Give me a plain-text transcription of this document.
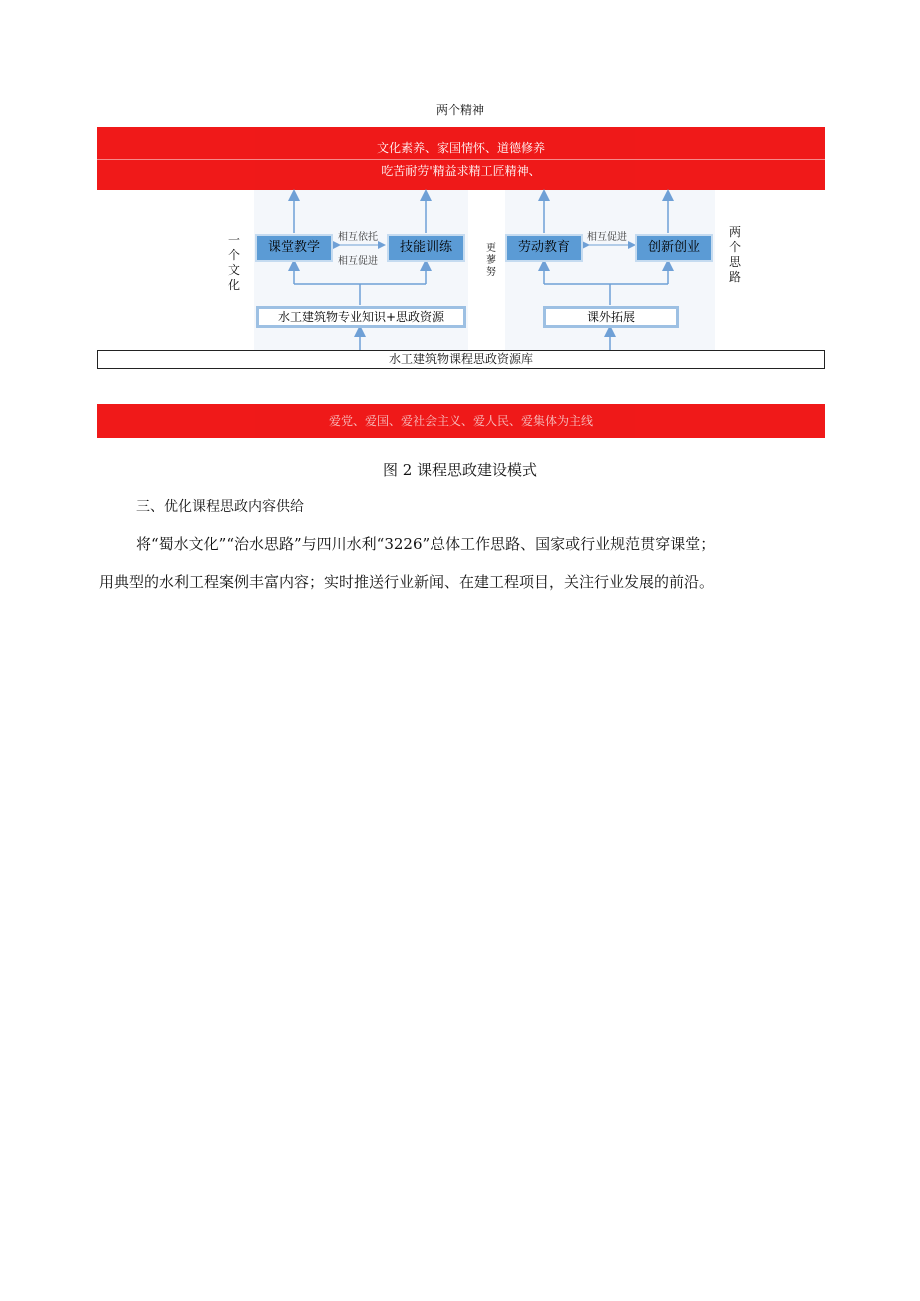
两个精神
文化素养、家国情怀、道德修养
吃苦耐劳'精益求精工匠精神、
一个文化
更蓼努
两个思路
课堂教学	技能训练	劳动教育	创新创业
相互依托
相互促进
相互促进
水工建筑物专业知识+思政资源	课外拓展
水工建筑物课程思政资源库
爱党、爱国、爱社会主义、爱人民、爱集体为主线
图 2 课程思政建设模式
三、优化课程思政内容供给
将“蜀水文化”“治水思路”与四川水利“3226”总体工作思路、国家或行业规范贯穿课堂；
用典型的水利工程案例丰富内容；实时推送行业新闻、在建工程项目，关注行业发展的前沿。
